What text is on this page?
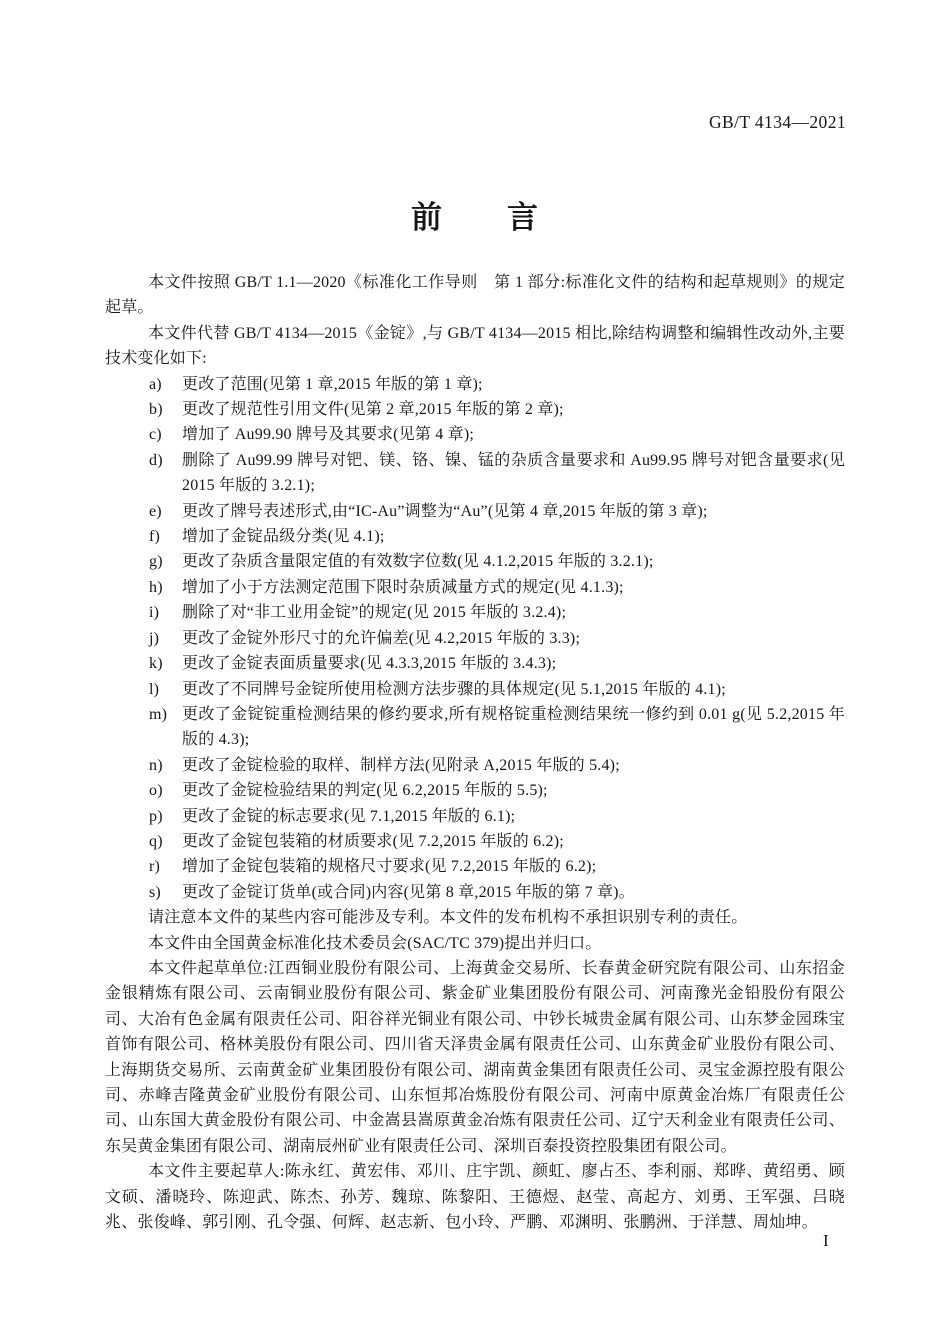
GB/T 4134—2021
前　　言

本文件按照 GB/T 1.1—2020《标准化工作导则　第 1 部分:标准化文件的结构和起草规则》的规定起草。

本文件代替 GB/T 4134—2015《金锭》,与 GB/T 4134—2015 相比,除结构调整和编辑性改动外,主要技术变化如下:

a)	更改了范围(见第 1 章,2015 年版的第 1 章);
b)	更改了规范性引用文件(见第 2 章,2015 年版的第 2 章);
c)	增加了 Au99.90 牌号及其要求(见第 4 章);
d)	删除了 Au99.99 牌号对钯、镁、铬、镍、锰的杂质含量要求和 Au99.95 牌号对钯含量要求(见 2015 年版的 3.2.1);
e)	更改了牌号表述形式,由“IC-Au”调整为“Au”(见第 4 章,2015 年版的第 3 章);
f)	增加了金锭品级分类(见 4.1);
g)	更改了杂质含量限定值的有效数字位数(见 4.1.2,2015 年版的 3.2.1);
h)	增加了小于方法测定范围下限时杂质减量方式的规定(见 4.1.3);
i)	删除了对“非工业用金锭”的规定(见 2015 年版的 3.2.4);
j)	更改了金锭外形尺寸的允许偏差(见 4.2,2015 年版的 3.3);
k)	更改了金锭表面质量要求(见 4.3.3,2015 年版的 3.4.3);
l)	更改了不同牌号金锭所使用检测方法步骤的具体规定(见 5.1,2015 年版的 4.1);
m) 更改了金锭锭重检测结果的修约要求,所有规格锭重检测结果统一修约到 0.01 g(见 5.2,2015 年版的 4.3);
n)	更改了金锭检验的取样、制样方法(见附录 A,2015 年版的 5.4);
o)	更改了金锭检验结果的判定(见 6.2,2015 年版的 5.5);
p)	更改了金锭的标志要求(见 7.1,2015 年版的 6.1);
q)	更改了金锭包装箱的材质要求(见 7.2,2015 年版的 6.2);
r)	增加了金锭包装箱的规格尺寸要求(见 7.2,2015 年版的 6.2);
s)	更改了金锭订货单(或合同)内容(见第 8 章,2015 年版的第 7 章)。

请注意本文件的某些内容可能涉及专利。本文件的发布机构不承担识别专利的责任。

本文件由全国黄金标准化技术委员会(SAC/TC 379)提出并归口。

本文件起草单位:江西铜业股份有限公司、上海黄金交易所、长春黄金研究院有限公司、山东招金金银精炼有限公司、云南铜业股份有限公司、紫金矿业集团股份有限公司、河南豫光金铅股份有限公司、大冶有色金属有限责任公司、阳谷祥光铜业有限公司、中钞长城贵金属有限公司、山东梦金园珠宝首饰有限公司、格林美股份有限公司、四川省天泽贵金属有限责任公司、山东黄金矿业股份有限公司、上海期货交易所、云南黄金矿业集团股份有限公司、湖南黄金集团有限责任公司、灵宝金源控股有限公司、赤峰吉隆黄金矿业股份有限公司、山东恒邦冶炼股份有限公司、河南中原黄金冶炼厂有限责任公司、山东国大黄金股份有限公司、中金嵩县嵩原黄金冶炼有限责任公司、辽宁天利金业有限责任公司、东吴黄金集团有限公司、湖南辰州矿业有限责任公司、深圳百泰投资控股集团有限公司。

本文件主要起草人:陈永红、黄宏伟、邓川、庄宇凯、颜虹、廖占丕、李利丽、郑晔、黄绍勇、顾文硕、潘晓玲、陈迎武、陈杰、孙芳、魏琼、陈黎阳、王德煜、赵莹、高起方、刘勇、王军强、吕晓兆、张俊峰、郭引刚、孔令强、何辉、赵志新、包小玲、严鹏、邓渊明、张鹏洲、于洋慧、周灿坤。

I
